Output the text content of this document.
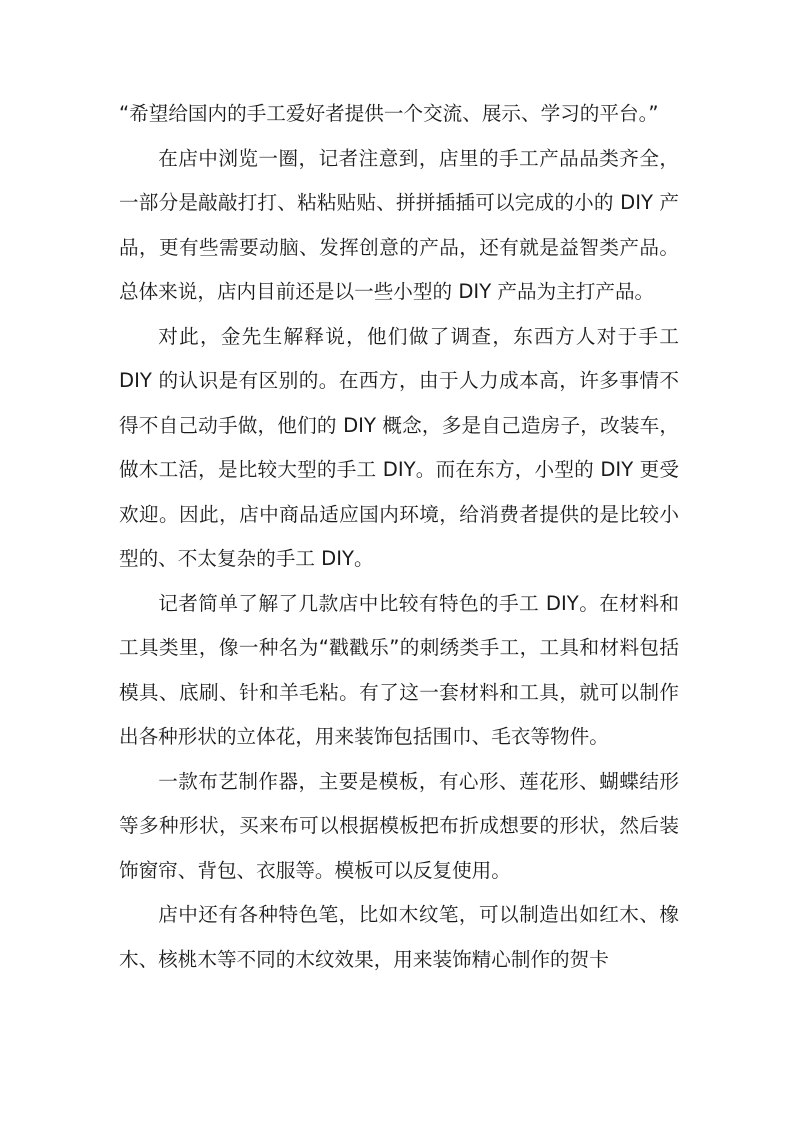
“希望给国内的手工爱好者提供一个交流、展示、学习的平台。”

在店中浏览一圈，记者注意到，店里的手工产品品类齐全，一部分是敲敲打打、粘粘贴贴、拼拼插插可以完成的小的 DIY 产品，更有些需要动脑、发挥创意的产品，还有就是益智类产品。总体来说，店内目前还是以一些小型的 DIY 产品为主打产品。

对此，金先生解释说，他们做了调查，东西方人对于手工 DIY 的认识是有区别的。在西方，由于人力成本高，许多事情不得不自己动手做，他们的 DIY 概念，多是自己造房子，改装车，做木工活，是比较大型的手工 DIY。而在东方，小型的 DIY 更受欢迎。因此，店中商品适应国内环境，给消费者提供的是比较小型的、不太复杂的手工 DIY。

记者简单了解了几款店中比较有特色的手工 DIY。在材料和工具类里，像一种名为“戳戳乐”的刺绣类手工，工具和材料包括模具、底刷、针和羊毛粘。有了这一套材料和工具，就可以制作出各种形状的立体花，用来装饰包括围巾、毛衣等物件。

一款布艺制作器，主要是模板，有心形、莲花形、蝴蝶结形等多种形状，买来布可以根据模板把布折成想要的形状，然后装饰窗帘、背包、衣服等。模板可以反复使用。

店中还有各种特色笔，比如木纹笔，可以制造出如红木、橡木、核桃木等不同的木纹效果，用来装饰精心制作的贺卡
